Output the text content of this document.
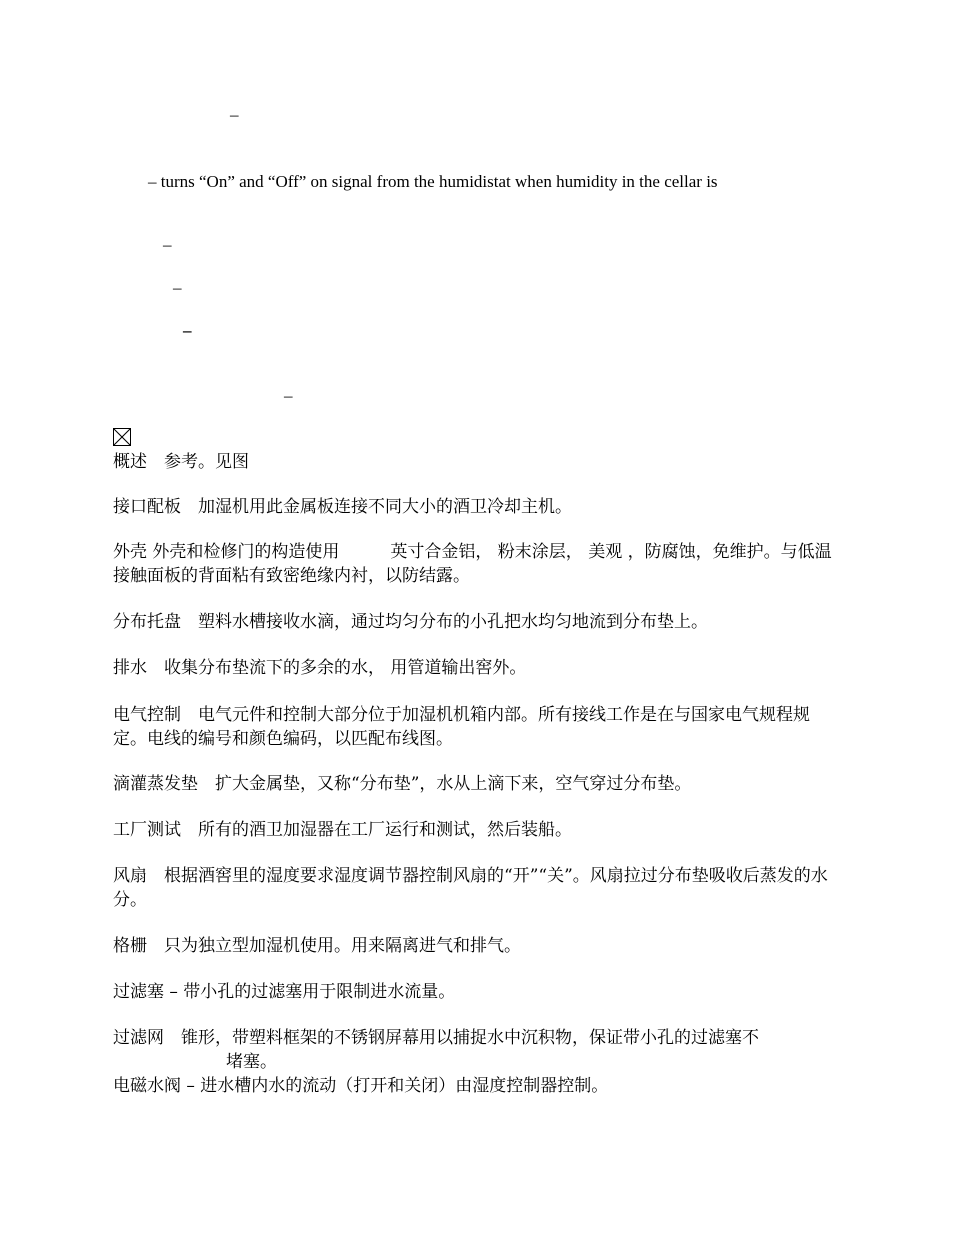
–
– turns “On” and “Off” on signal from the humidistat when humidity in the cellar is
–
–
–
–
概述　参考。见图
接口配板　加湿机用此金属板连接不同大小的酒卫冷却主机。
外壳 外壳和检修门的构造使用　　　英寸合金铝， 粉末涂层， 美观 ，防腐蚀，免维护。与低温接触面板的背面粘有致密绝缘内衬，以防结露。
分布托盘　塑料水槽接收水滴，通过均匀分布的小孔把水均匀地流到分布垫上。
排水　收集分布垫流下的多余的水， 用管道输出窖外。
电气控制　电气元件和控制大部分位于加湿机机箱内部。所有接线工作是在与国家电气规程规定。电线的编号和颜色编码，以匹配布线图。
滴灌蒸发垫　扩大金属垫，又称“分布垫”，水从上滴下来，空气穿过分布垫。
工厂测试　所有的酒卫加湿器在工厂运行和测试，然后装船。
风扇　根据酒窖里的湿度要求湿度调节器控制风扇的“开”“关”。风扇拉过分布垫吸收后蒸发的水分。
格栅　只为独立型加湿机使用。用来隔离进气和排气。
过滤塞 – 带小孔的过滤塞用于限制进水流量。
过滤网　锥形，带塑料框架的不锈钢屏幕用以捕捉水中沉积物，保证带小孔的过滤塞不
堵塞。
电磁水阀 – 进水槽内水的流动（打开和关闭）由湿度控制器控制。
